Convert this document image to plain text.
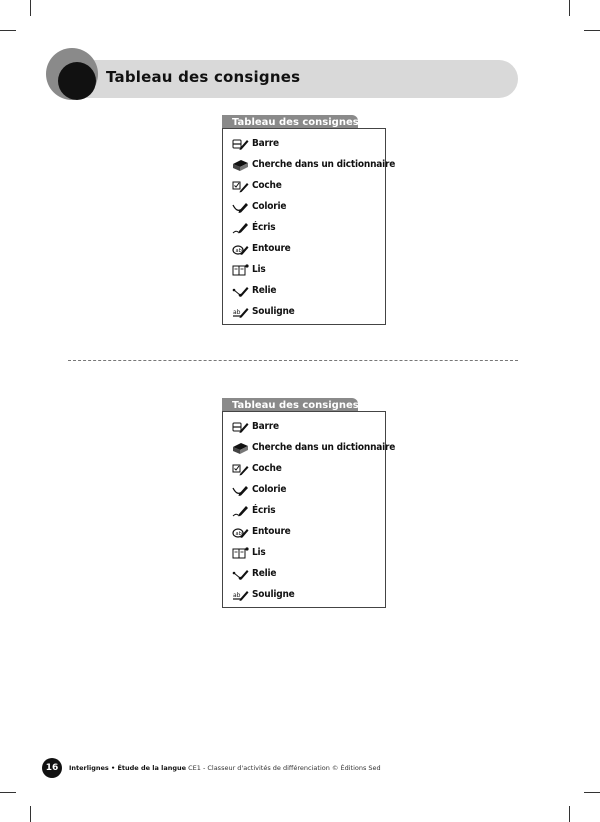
Tableau des consignes
Tableau des consignes
Barre
Cherche dans un dictionnaire
Coche
Colorie
Écris
ab Entoure
Lis
Relie
ab Souligne
Tableau des consignes
Barre
Cherche dans un dictionnaire
Coche
Colorie
Écris
ab Entoure
Lis
Relie
ab Souligne
16	Interlignes • Étude de la langue CE1 - Classeur d'activités de différenciation © Éditions Sed
